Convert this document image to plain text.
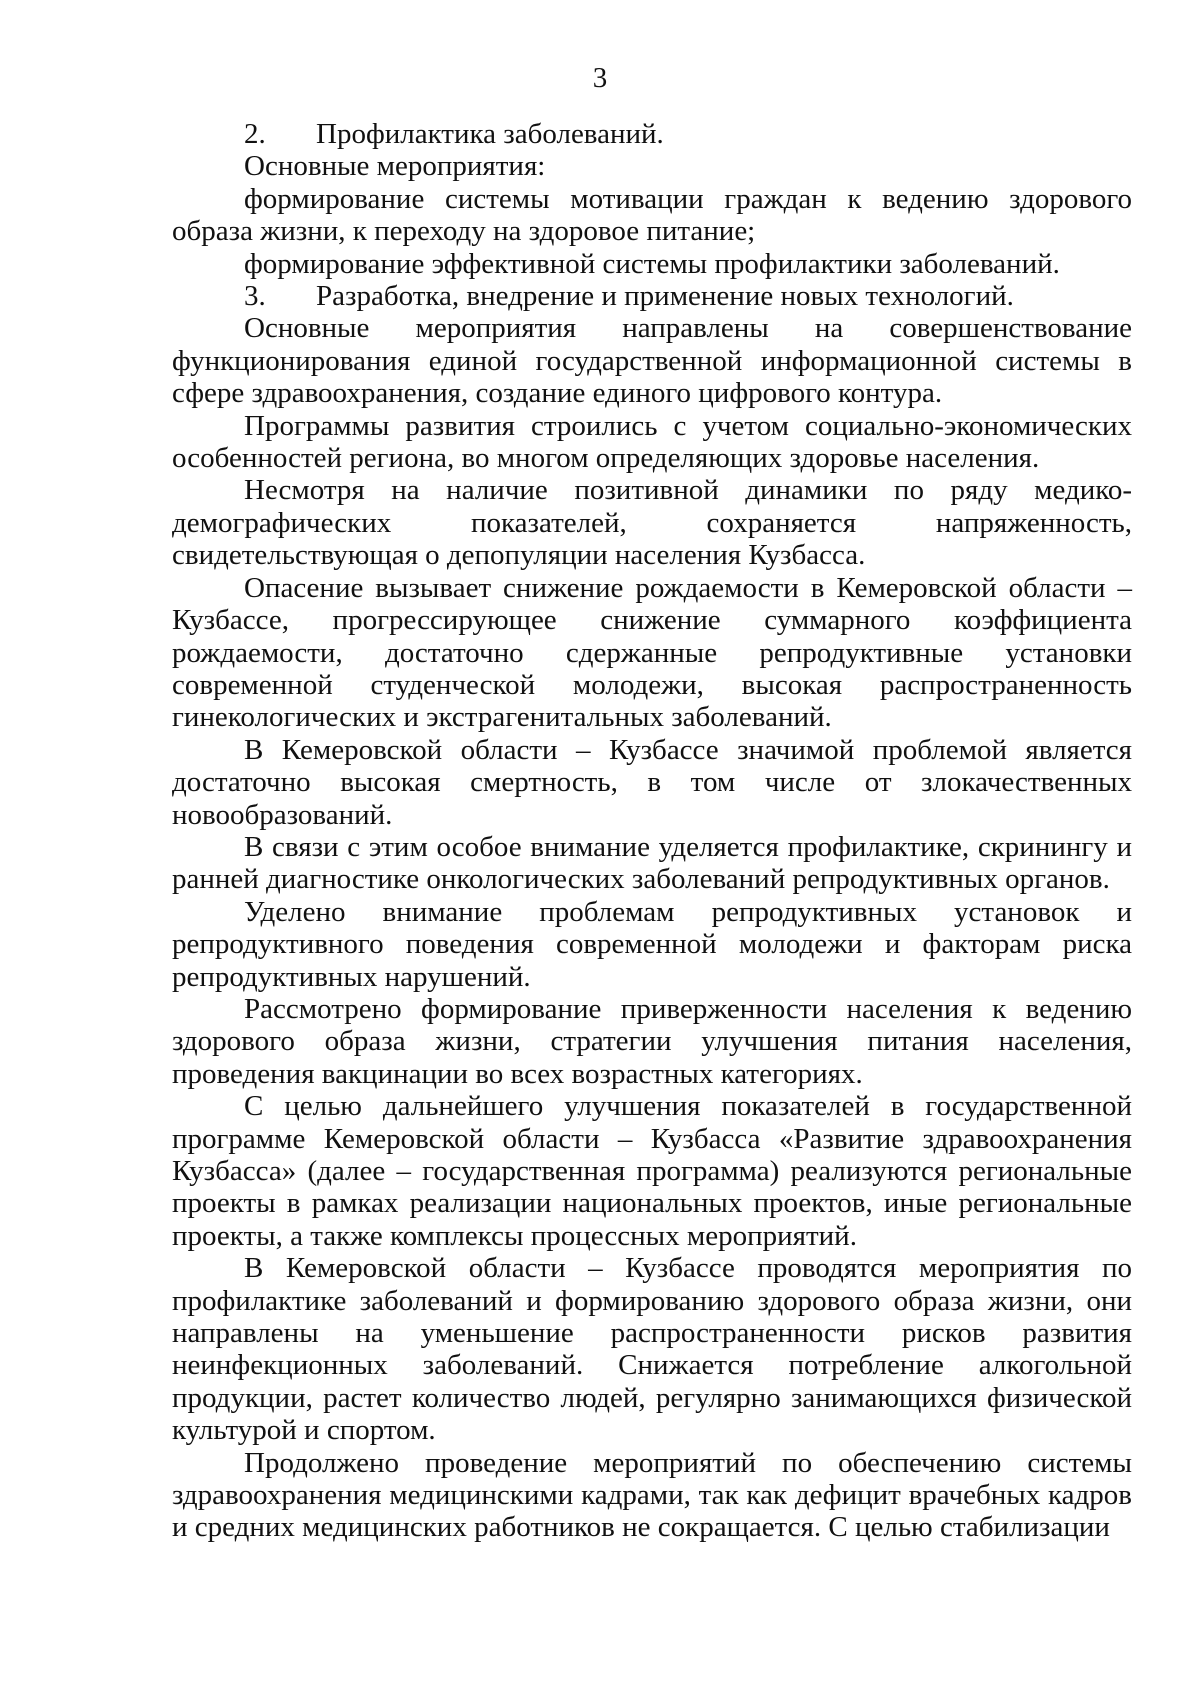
3

2. Профилактика заболеваний.

Основные мероприятия:

формирование системы мотивации граждан к ведению здорового образа жизни, к переходу на здоровое питание;

формирование эффективной системы профилактики заболеваний.

3. Разработка, внедрение и применение новых технологий.

Основные мероприятия направлены на совершенствование функционирования единой государственной информационной системы в сфере здравоохранения, создание единого цифрового контура.

Программы развития строились с учетом социально-экономических особенностей региона, во многом определяющих здоровье населения.

Несмотря на наличие позитивной динамики по ряду медико-демографических показателей, сохраняется напряженность, свидетельствующая о депопуляции населения Кузбасса.

Опасение вызывает снижение рождаемости в Кемеровской области – Кузбассе, прогрессирующее снижение суммарного коэффициента рождаемости, достаточно сдержанные репродуктивные установки современной студенческой молодежи, высокая распространенность гинекологических и экстрагенитальных заболеваний.

В Кемеровской области – Кузбассе значимой проблемой является достаточно высокая смертность, в том числе от злокачественных новообразований.

В связи с этим особое внимание уделяется профилактике, скринингу и ранней диагностике онкологических заболеваний репродуктивных органов.

Уделено внимание проблемам репродуктивных установок и репродуктивного поведения современной молодежи и факторам риска репродуктивных нарушений.

Рассмотрено формирование приверженности населения к ведению здорового образа жизни, стратегии улучшения питания населения, проведения вакцинации во всех возрастных категориях.

С целью дальнейшего улучшения показателей в государственной программе Кемеровской области – Кузбасса «Развитие здравоохранения Кузбасса» (далее – государственная программа) реализуются региональные проекты в рамках реализации национальных проектов, иные региональные проекты, а также комплексы процессных мероприятий.

В Кемеровской области – Кузбассе проводятся мероприятия по профилактике заболеваний и формированию здорового образа жизни, они направлены на уменьшение распространенности рисков развития неинфекционных заболеваний. Снижается потребление алкогольной продукции, растет количество людей, регулярно занимающихся физической культурой и спортом.

Продолжено проведение мероприятий по обеспечению системы здравоохранения медицинскими кадрами, так как дефицит врачебных кадров и средних медицинских работников не сокращается. С целью стабилизации
